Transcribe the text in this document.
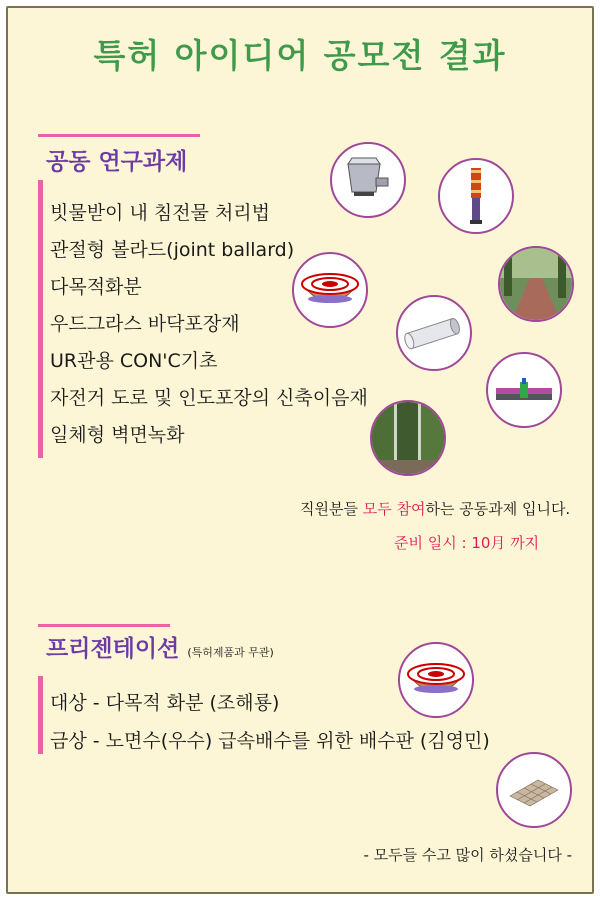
특허 아이디어 공모전 결과
공동 연구과제
빗물받이 내 침전물 처리법
관절형 볼라드(joint ballard)
다목적화분
우드그라스 바닥포장재
UR관용 CON'C기초
자전거 도로 및 인도포장의 신축이음재
일체형 벽면녹화
직원분들 모두 참여하는 공동과제 입니다.
준비 일시 : 10月 까지
프리젠테이션 (특허제품과 무관)
대상 - 다목적 화분 (조해룡)
금상 - 노면수(우수) 급속배수를 위한 배수판 (김영민)
- 모두들 수고 많이 하셨습니다 -
